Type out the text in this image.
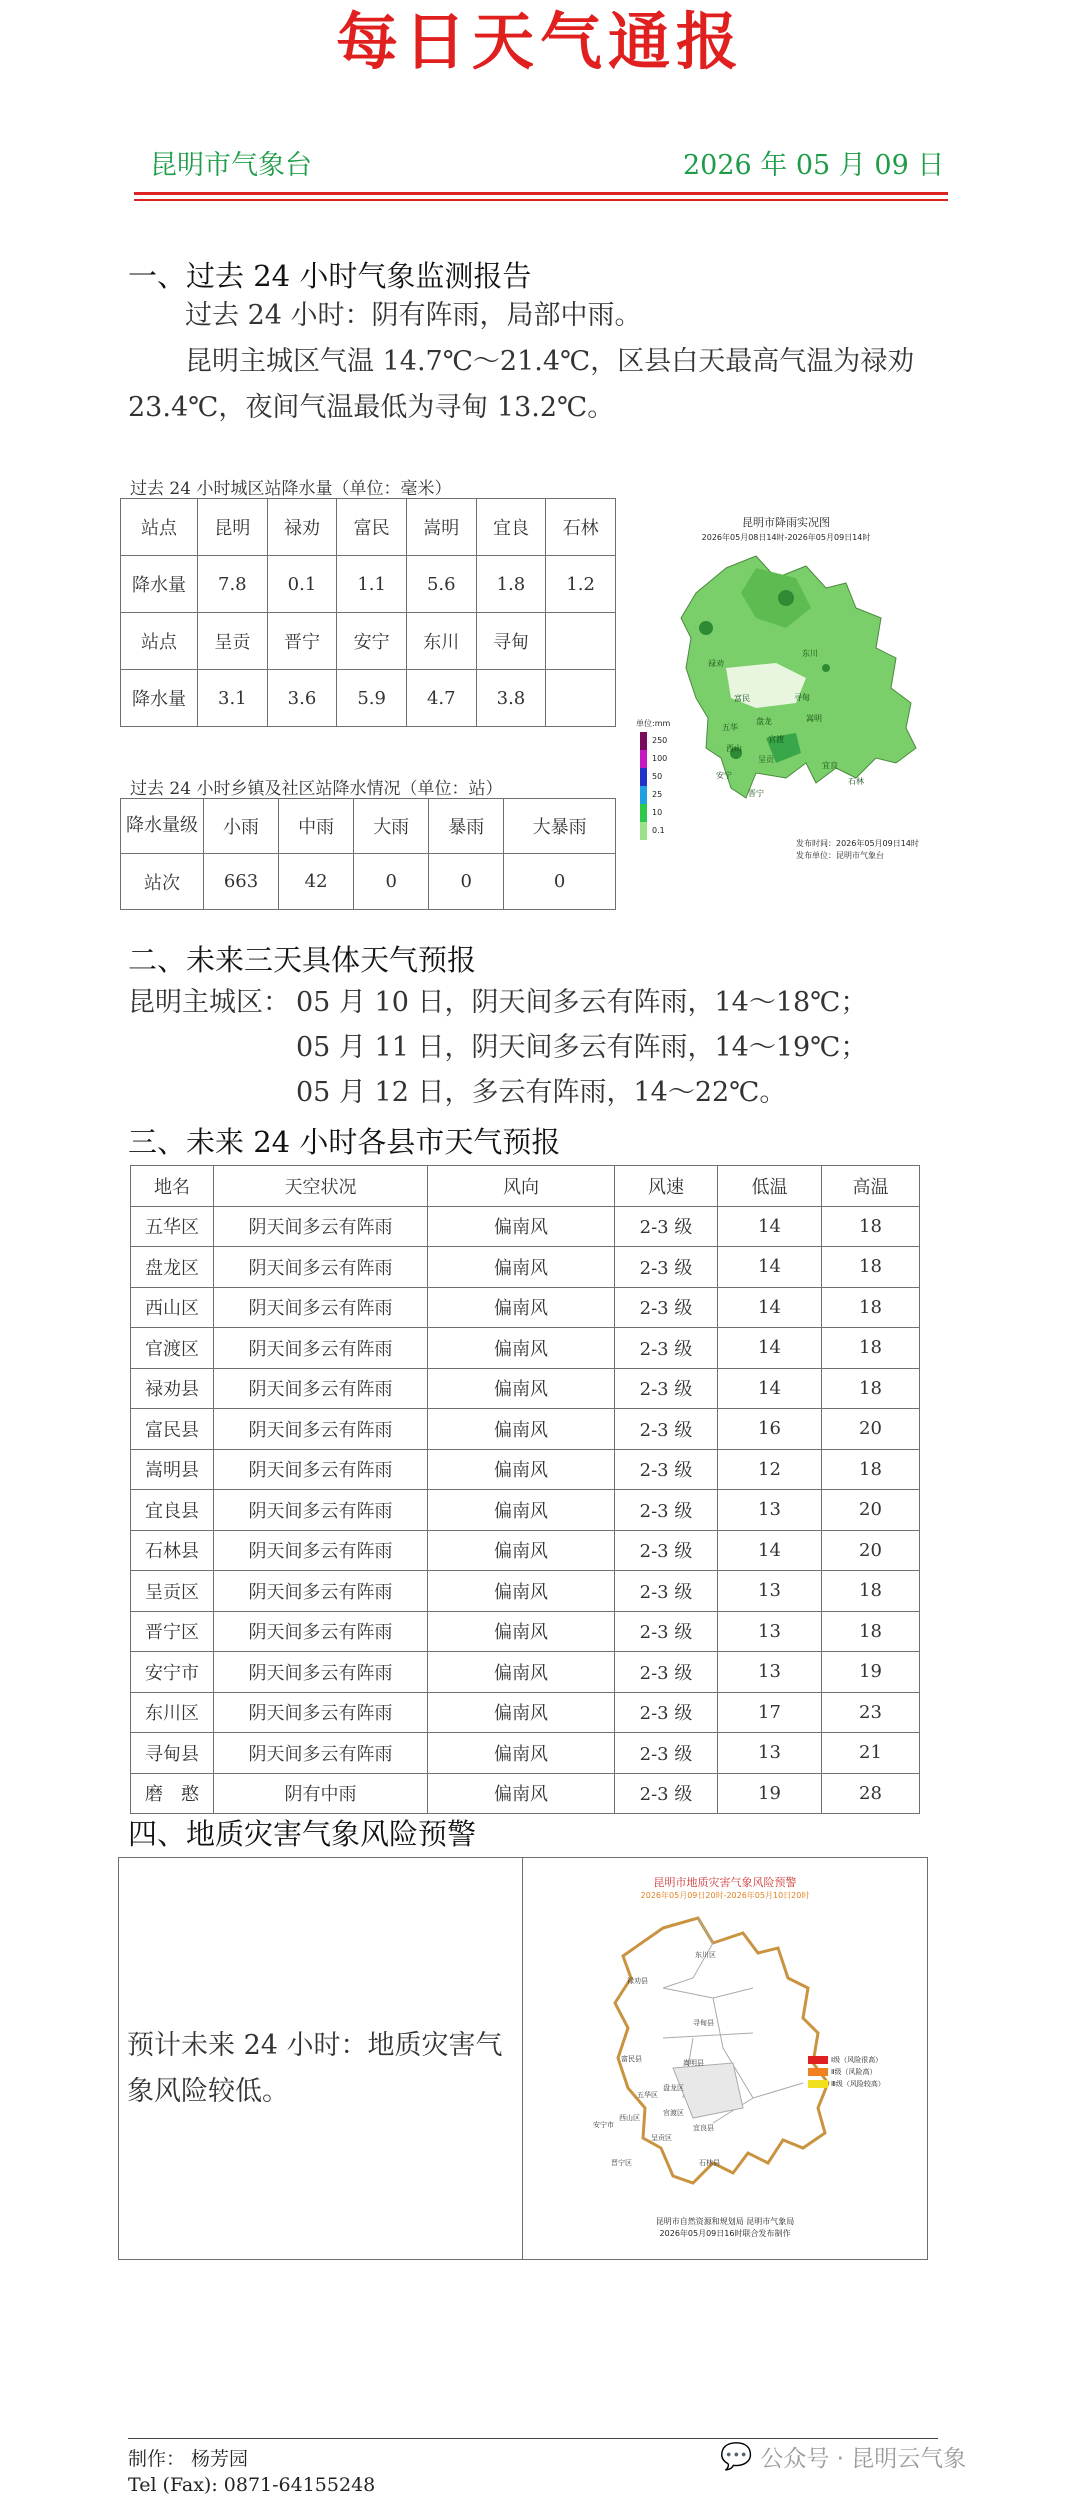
每日天气通报
昆明市气象台	2026 年 05 月 09 日
一、过去 24 小时气象监测报告
过去 24 小时：阴有阵雨，局部中雨。
昆明主城区气温 14.7℃～21.4℃，区县白天最高气温为禄劝
23.4℃，夜间气温最低为寻甸 13.2℃。
过去 24 小时城区站降水量（单位：毫米）
站点	昆明	禄劝	富民	嵩明	宜良	石林
降水量	7.8	0.1	1.1	5.6	1.8	1.2
站点	呈贡	晋宁	安宁	东川	寻甸	
降水量	3.1	3.6	5.9	4.7	3.8	
过去 24 小时乡镇及社区站降水情况（单位：站）
降水量级	小雨	中雨	大雨	暴雨	大暴雨
站次	663	42	0	0	0
昆明市降雨实况图
2026年05月08日14时-2026年05月09日14时
单位:mm
250
100
50
25
10
0.1
发布时间：2026年05月09日14时
发布单位：昆明市气象台
禄劝
东川
寻甸
富民
嵩明
五华
盘龙
官渡
西山
呈贡
宜良
石林
安宁
晋宁
二、未来三天具体天气预报
昆明主城区： 05 月 10 日，阴天间多云有阵雨，14～18℃；
05 月 11 日，阴天间多云有阵雨，14～19℃；
05 月 12 日，多云有阵雨，14～22℃。
三、未来 24 小时各县市天气预报
地名	天空状况	风向	风速	低温	高温
五华区	阴天间多云有阵雨	偏南风	2-3 级	14	18
盘龙区	阴天间多云有阵雨	偏南风	2-3 级	14	18
西山区	阴天间多云有阵雨	偏南风	2-3 级	14	18
官渡区	阴天间多云有阵雨	偏南风	2-3 级	14	18
禄劝县	阴天间多云有阵雨	偏南风	2-3 级	14	18
富民县	阴天间多云有阵雨	偏南风	2-3 级	16	20
嵩明县	阴天间多云有阵雨	偏南风	2-3 级	12	18
宜良县	阴天间多云有阵雨	偏南风	2-3 级	13	20
石林县	阴天间多云有阵雨	偏南风	2-3 级	14	20
呈贡区	阴天间多云有阵雨	偏南风	2-3 级	13	18
晋宁区	阴天间多云有阵雨	偏南风	2-3 级	13	18
安宁市	阴天间多云有阵雨	偏南风	2-3 级	13	19
东川区	阴天间多云有阵雨	偏南风	2-3 级	17	23
寻甸县	阴天间多云有阵雨	偏南风	2-3 级	13	21
磨　憨	阴有中雨	偏南风	2-3 级	19	28
四、地质灾害气象风险预警
预计未来 24 小时：地质灾害气
象风险较低。
昆明市地质灾害气象风险预警
2026年05月09日20时-2026年05月10日20时
Ⅰ级（风险很高）
Ⅱ级（风险高）
Ⅲ级（风险较高）
昆明市自然资源和规划局 昆明市气象局
2026年05月09日16时联合发布制作
东川区
禄劝县
寻甸县
富民县	嵩明县
盘龙区
五华区
官渡区
西山区
呈贡区
安宁市	宜良县
晋宁区	石林县
制作： 杨芳园
Tel (Fax): 0871-64155248
💬 公众号 · 昆明云气象
